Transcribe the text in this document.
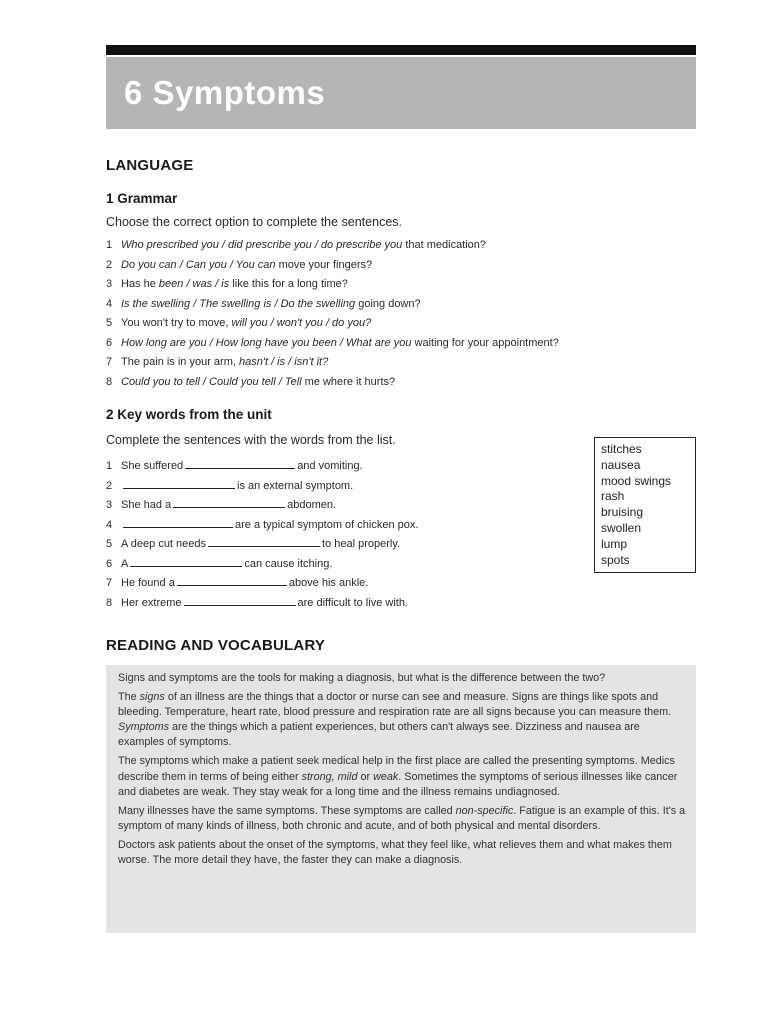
6 Symptoms
LANGUAGE
1 Grammar
Choose the correct option to complete the sentences.
1 Who prescribed you / did prescribe you / do prescribe you that medication?
2 Do you can / Can you / You can move your fingers?
3 Has he been / was / is like this for a long time?
4 Is the swelling / The swelling is / Do the swelling going down?
5 You won't try to move, will you / won't you / do you?
6 How long are you / How long have you been / What are you waiting for your appointment?
7 The pain is in your arm, hasn't / is / isn't it?
8 Could you to tell / Could you tell / Tell me where it hurts?
2 Key words from the unit
Complete the sentences with the words from the list.
1 She suffered	and vomiting.
2	is an external symptom.
3 She had a	abdomen.
4	are a typical symptom of chicken pox.
5 A deep cut needs	to heal properly.
6 A	can cause itching.
7 He found a	above his ankle.
8 Her extreme	are difficult to live with.
stitches
nausea
mood swings
rash
bruising
swollen
lump
spots
READING AND VOCABULARY

Signs and symptoms are the tools for making a diagnosis, but what is the difference between the two?

The signs of an illness are the things that a doctor or nurse can see and measure. Signs are things like spots and bleeding. Temperature, heart rate, blood pressure and respiration rate are all signs because you can measure them. Symptoms are the things which a patient experiences, but others can't always see. Dizziness and nausea are examples of symptoms.

The symptoms which make a patient seek medical help in the first place are called the presenting symptoms. Medics describe them in terms of being either strong, mild or weak. Sometimes the symptoms of serious illnesses like cancer and diabetes are weak. They stay weak for a long time and the illness remains undiagnosed.

Many illnesses have the same symptoms. These symptoms are called non-specific. Fatigue is an example of this. It's a symptom of many kinds of illness, both chronic and acute, and of both physical and mental disorders.

Doctors ask patients about the onset of the symptoms, what they feel like, what relieves them and what makes them worse. The more detail they have, the faster they can make a diagnosis.
